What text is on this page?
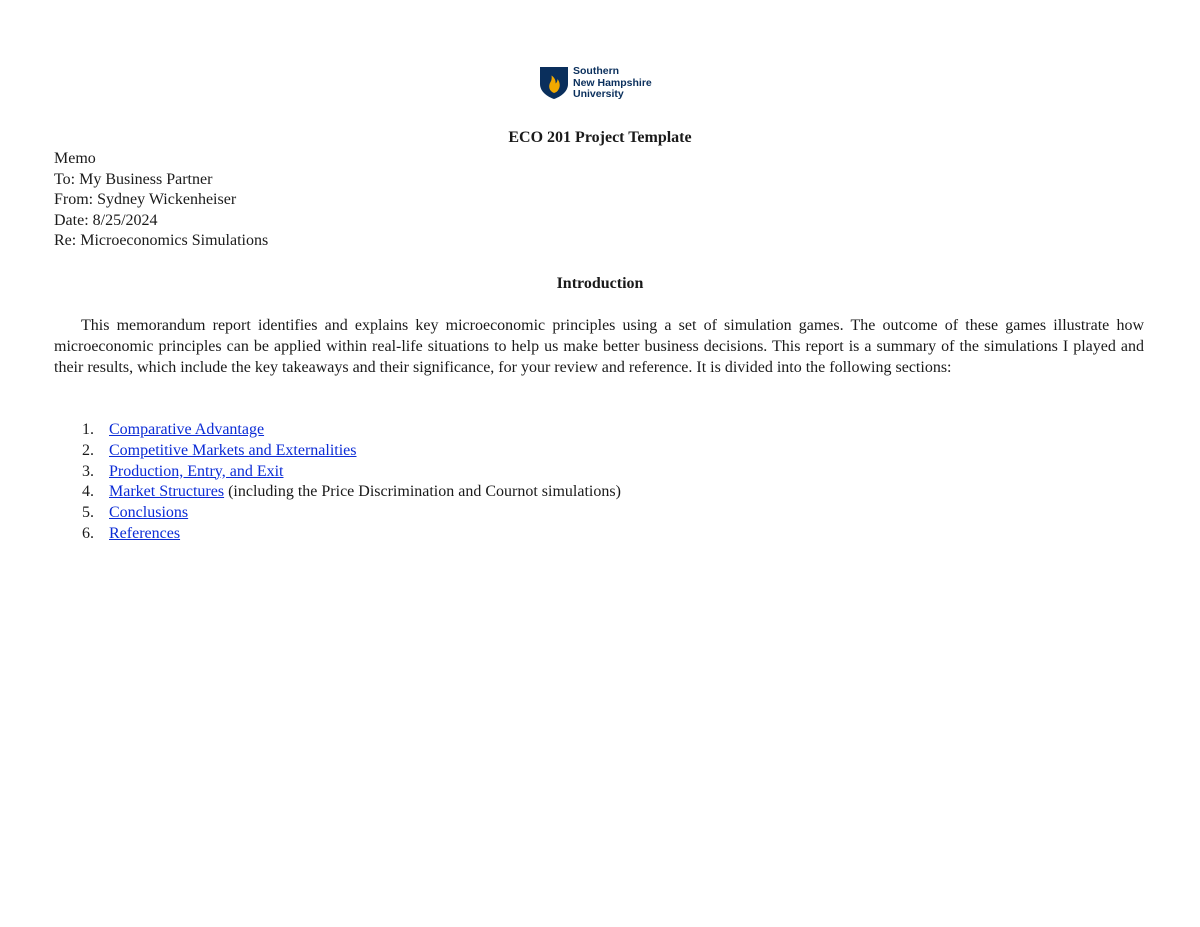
Southern
New Hampshire
University
ECO 201 Project Template
Memo
To: My Business Partner
From: Sydney Wickenheiser
Date: 8/25/2024
Re: Microeconomics Simulations
Introduction

This memorandum report identifies and explains key microeconomic principles using a set of simulation games. The outcome of these games illustrate how microeconomic principles can be applied within real-life situations to help us make better business decisions. This report is a summary of the simulations I played and their results, which include the key takeaways and their significance, for your review and reference. It is divided into the following sections:

1. Comparative Advantage
2. Competitive Markets and Externalities
3. Production, Entry, and Exit
4. Market Structures (including the Price Discrimination and Cournot simulations)
5. Conclusions
6. References
